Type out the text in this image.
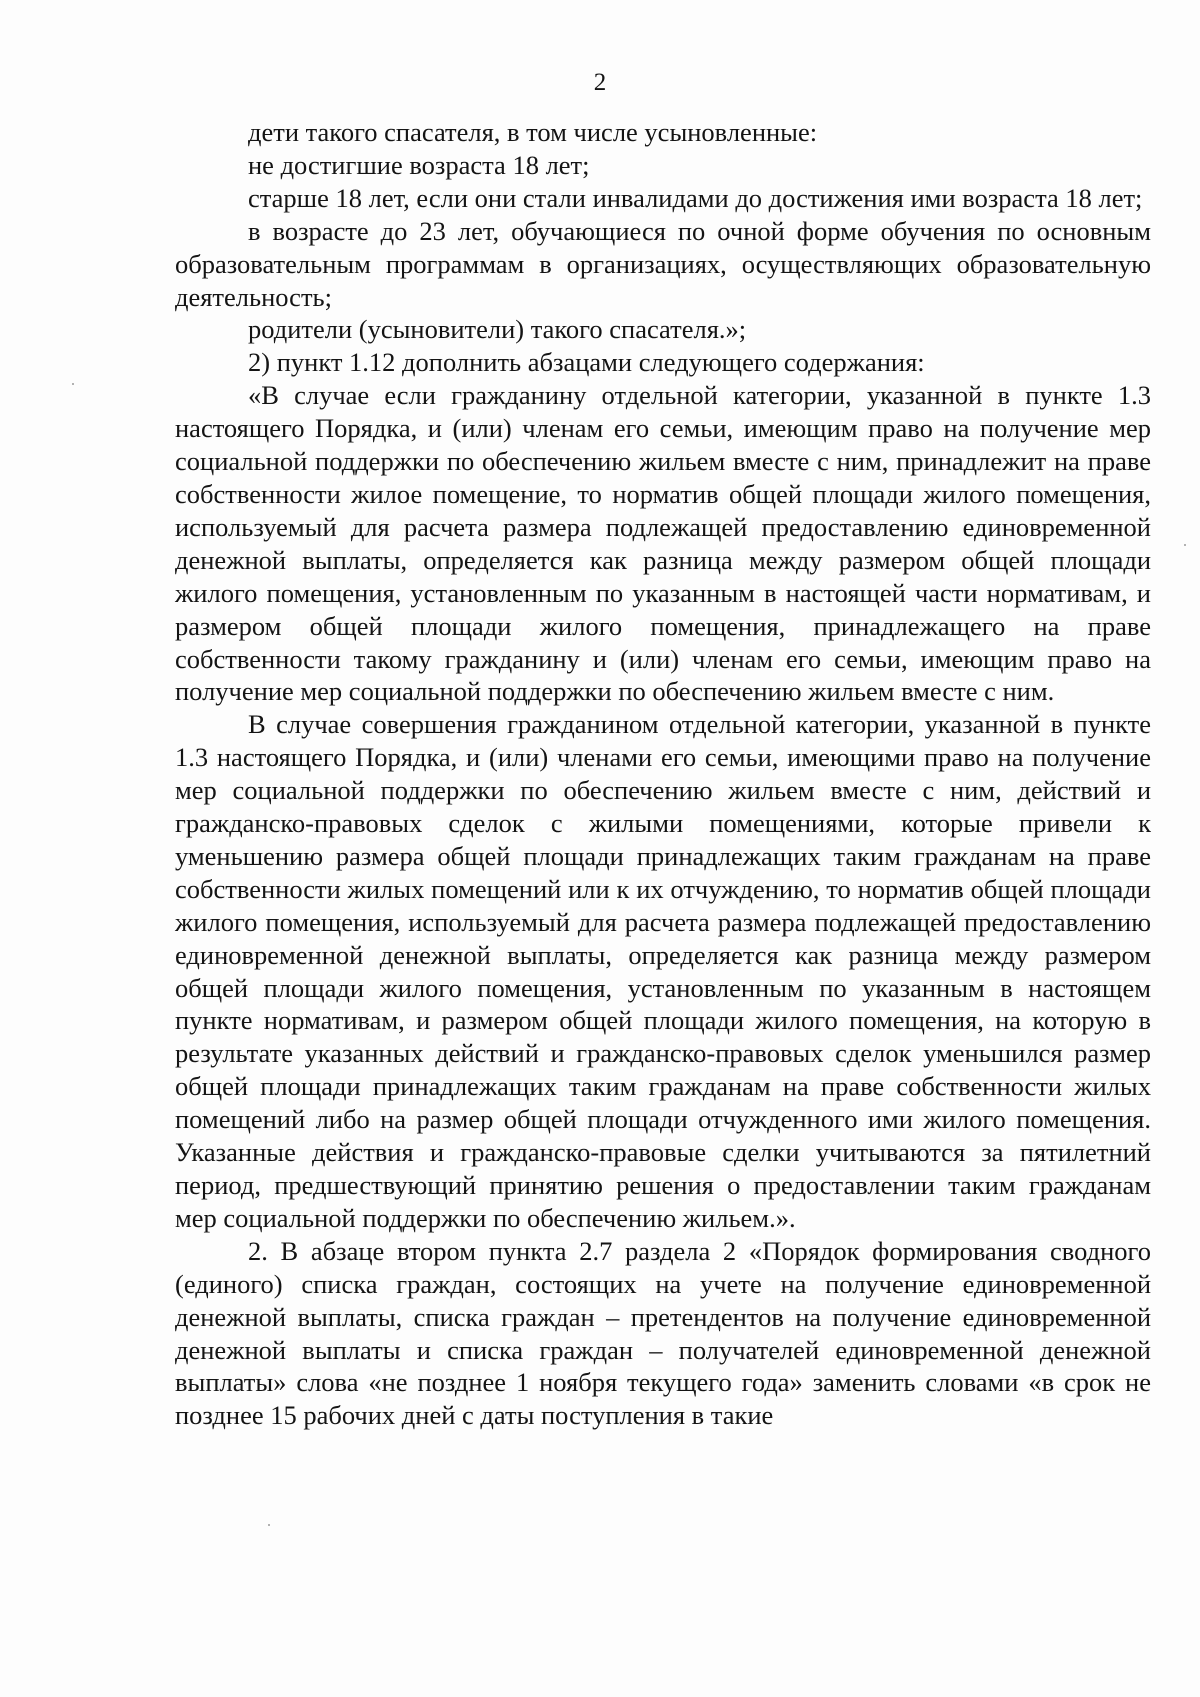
2

дети такого спасателя, в том числе усыновленные:

не достигшие возраста 18 лет;

старше 18 лет, если они стали инвалидами до достижения ими возраста 18 лет;

в возрасте до 23 лет, обучающиеся по очной форме обучения по основным образовательным программам в организациях, осуществляющих образовательную деятельность;

родители (усыновители) такого спасателя.»;

2) пункт 1.12 дополнить абзацами следующего содержания:

«В случае если гражданину отдельной категории, указанной в пункте 1.3 настоящего Порядка, и (или) членам его семьи, имеющим право на получение мер социальной поддержки по обеспечению жильем вместе с ним, принадлежит на праве собственности жилое помещение, то норматив общей площади жилого помещения, используемый для расчета размера подлежащей предоставлению единовременной денежной выплаты, определяется как разница между размером общей площади жилого помещения, установленным по указанным в настоящей части нормативам, и размером общей площади жилого помещения, принадлежащего на праве собственности такому гражданину и (или) членам его семьи, имеющим право на получение мер социальной поддержки по обеспечению жильем вместе с ним.

В случае совершения гражданином отдельной категории, указанной в пункте 1.3 настоящего Порядка, и (или) членами его семьи, имеющими право на получение мер социальной поддержки по обеспечению жильем вместе с ним, действий и гражданско-правовых сделок с жилыми помещениями, которые привели к уменьшению размера общей площади принадлежащих таким гражданам на праве собственности жилых помещений или к их отчуждению, то норматив общей площади жилого помещения, используемый для расчета размера подлежащей предоставлению единовременной денежной выплаты, определяется как разница между размером общей площади жилого помещения, установленным по указанным в настоящем пункте нормативам, и размером общей площади жилого помещения, на которую в результате указанных действий и гражданско-правовых сделок уменьшился размер общей площади принадлежащих таким гражданам на праве собственности жилых помещений либо на размер общей площади отчужденного ими жилого помещения. Указанные действия и гражданско-правовые сделки учитываются за пятилетний период, предшествующий принятию решения о предоставлении таким гражданам мер социальной поддержки по обеспечению жильем.».

2. В абзаце втором пункта 2.7 раздела 2 «Порядок формирования сводного (единого) списка граждан, состоящих на учете на получение единовременной денежной выплаты, списка граждан – претендентов на получение единовременной денежной выплаты и списка граждан – получателей единовременной денежной выплаты» слова «не позднее 1 ноября текущего года» заменить словами «в срок не позднее 15 рабочих дней с даты поступления в такие
